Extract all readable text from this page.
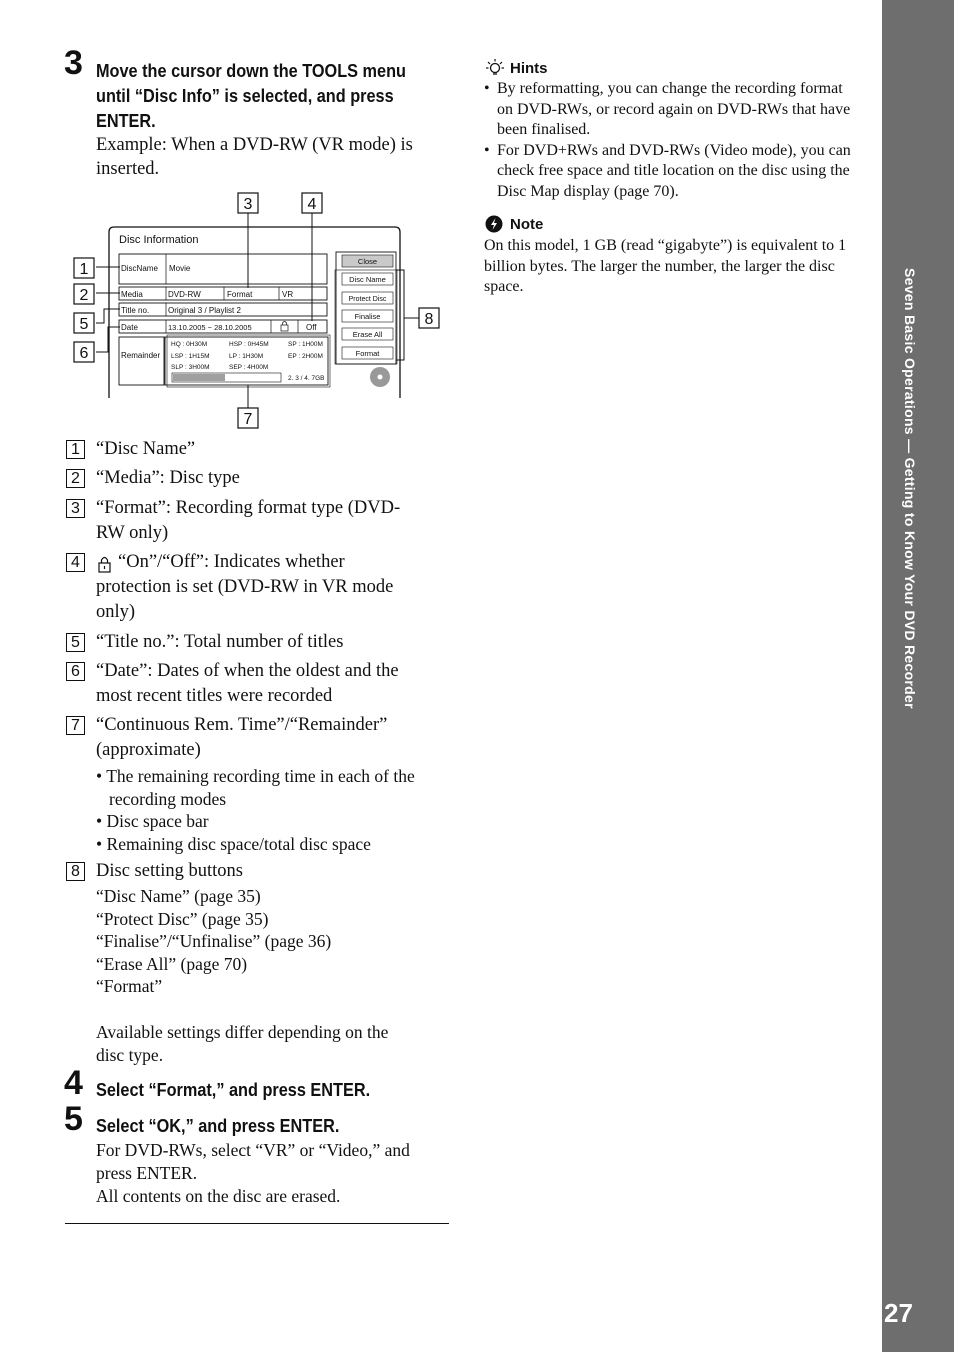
Seven Basic Operations — Getting to Know Your DVD Recorder
27
3 Move the cursor down the TOOLS menu
until “Disc Info” is selected, and press
ENTER.
Example: When a DVD-RW (VR mode) is
inserted.
Disc Information
DiscName Movie
Media	DVD-RW	Format	VR
Title no. Original 3 / Playlist 2
Date	13.10.2005 ~ 28.10.2005	Off
Remainder
HQ : 0H30M	HSP : 0H45M	SP : 1H00M
LSP : 1H15M	LP : 1H30M	EP : 2H00M
SLP : 3H00M	SEP : 4H00M
2. 3 / 4. 7GB
Close
Disc Name
Protect Disc
Finalise
Erase All
Format
1
2
3	4
5
6
7
8
1 “Disc Name”
2 “Media”: Disc type
3 “Format”: Recording format type (DVD-
RW only)
4	“On”/“Off”: Indicates whether
protection is set (DVD-RW in VR mode
only)
5 “Title no.”: Total number of titles
6 “Date”: Dates of when the oldest and the
most recent titles were recorded
7 “Continuous Rem. Time”/“Remainder”
(approximate)
• The remaining recording time in each of the
recording modes
• Disc space bar
• Remaining disc space/total disc space
8 Disc setting buttons
“Disc Name” (page 35)
“Protect Disc” (page 35)
“Finalise”/“Unfinalise” (page 36)
“Erase All” (page 70)
“Format”
Available settings differ depending on the
disc type.
4 Select “Format,” and press ENTER.
5 Select “OK,” and press ENTER.
For DVD-RWs, select “VR” or “Video,” and
press ENTER.
All contents on the disc are erased.
Hints
• By reformatting, you can change the recording format
on DVD-RWs, or record again on DVD-RWs that have
been finalised.
• For DVD+RWs and DVD-RWs (Video mode), you can
check free space and title location on the disc using the
Disc Map display (page 70).
Note
On this model, 1 GB (read “gigabyte”) is equivalent to 1
billion bytes. The larger the number, the larger the disc
space.
